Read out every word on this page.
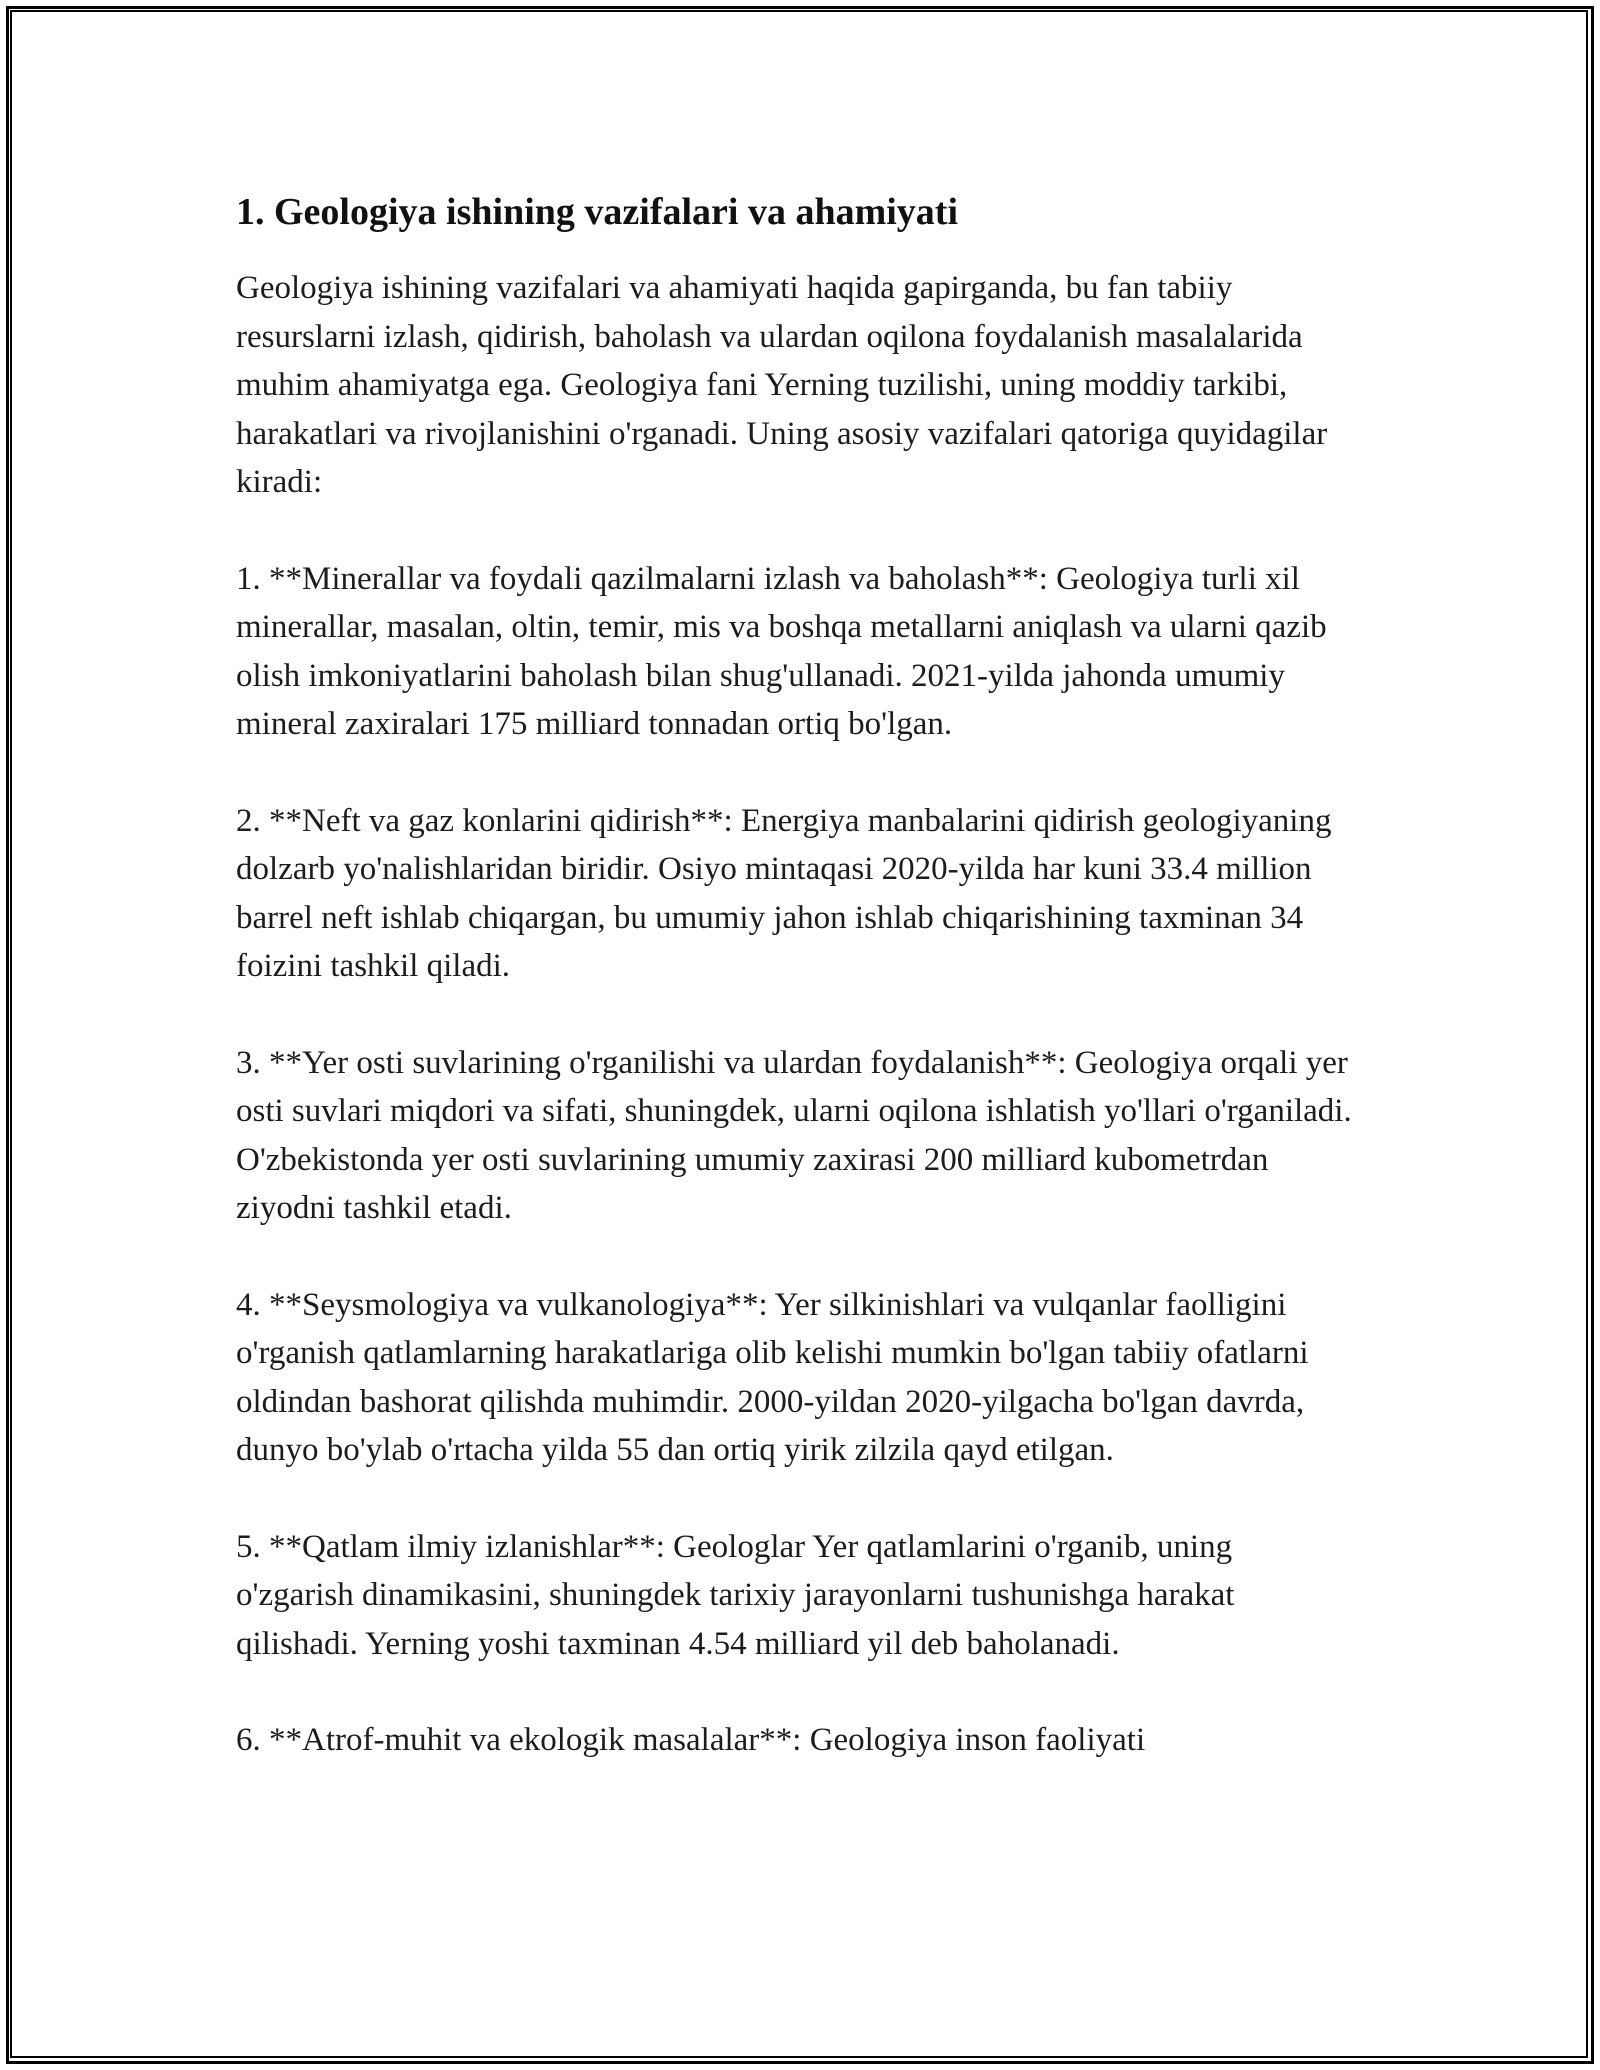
1. Geologiya ishining vazifalari va ahamiyati

Geologiya ishining vazifalari va ahamiyati haqida gapirganda, bu fan tabiiy resurslarni izlash, qidirish, baholash va ulardan oqilona foydalanish masalalarida muhim ahamiyatga ega. Geologiya fani Yerning tuzilishi, uning moddiy tarkibi, harakatlari va rivojlanishini o'rganadi. Uning asosiy vazifalari qatoriga quyidagilar kiradi:

1. **Minerallar va foydali qazilmalarni izlash va baholash**: Geologiya turli xil minerallar, masalan, oltin, temir, mis va boshqa metallarni aniqlash va ularni qazib olish imkoniyatlarini baholash bilan shug'ullanadi. 2021-yilda jahonda umumiy mineral zaxiralari 175 milliard tonnadan ortiq bo'lgan.

2. **Neft va gaz konlarini qidirish**: Energiya manbalarini qidirish geologiyaning dolzarb yo'nalishlaridan biridir. Osiyo mintaqasi 2020-yilda har kuni 33.4 million barrel neft ishlab chiqargan, bu umumiy jahon ishlab chiqarishining taxminan 34 foizini tashkil qiladi.

3. **Yer osti suvlarining o'rganilishi va ulardan foydalanish**: Geologiya orqali yer osti suvlari miqdori va sifati, shuningdek, ularni oqilona ishlatish yo'llari o'rganiladi. O'zbekistonda yer osti suvlarining umumiy zaxirasi 200 milliard kubometrdan ziyodni tashkil etadi.

4. **Seysmologiya va vulkanologiya**: Yer silkinishlari va vulqanlar faolligini o'rganish qatlamlarning harakatlariga olib kelishi mumkin bo'lgan tabiiy ofatlarni oldindan bashorat qilishda muhimdir. 2000-yildan 2020-yilgacha bo'lgan davrda, dunyo bo'ylab o'rtacha yilda 55 dan ortiq yirik zilzila qayd etilgan.

5. **Qatlam ilmiy izlanishlar**: Geologlar Yer qatlamlarini o'rganib, uning o'zgarish dinamikasini, shuningdek tarixiy jarayonlarni tushunishga harakat qilishadi. Yerning yoshi taxminan 4.54 milliard yil deb baholanadi.

6. **Atrof-muhit va ekologik masalalar**: Geologiya inson faoliyati
